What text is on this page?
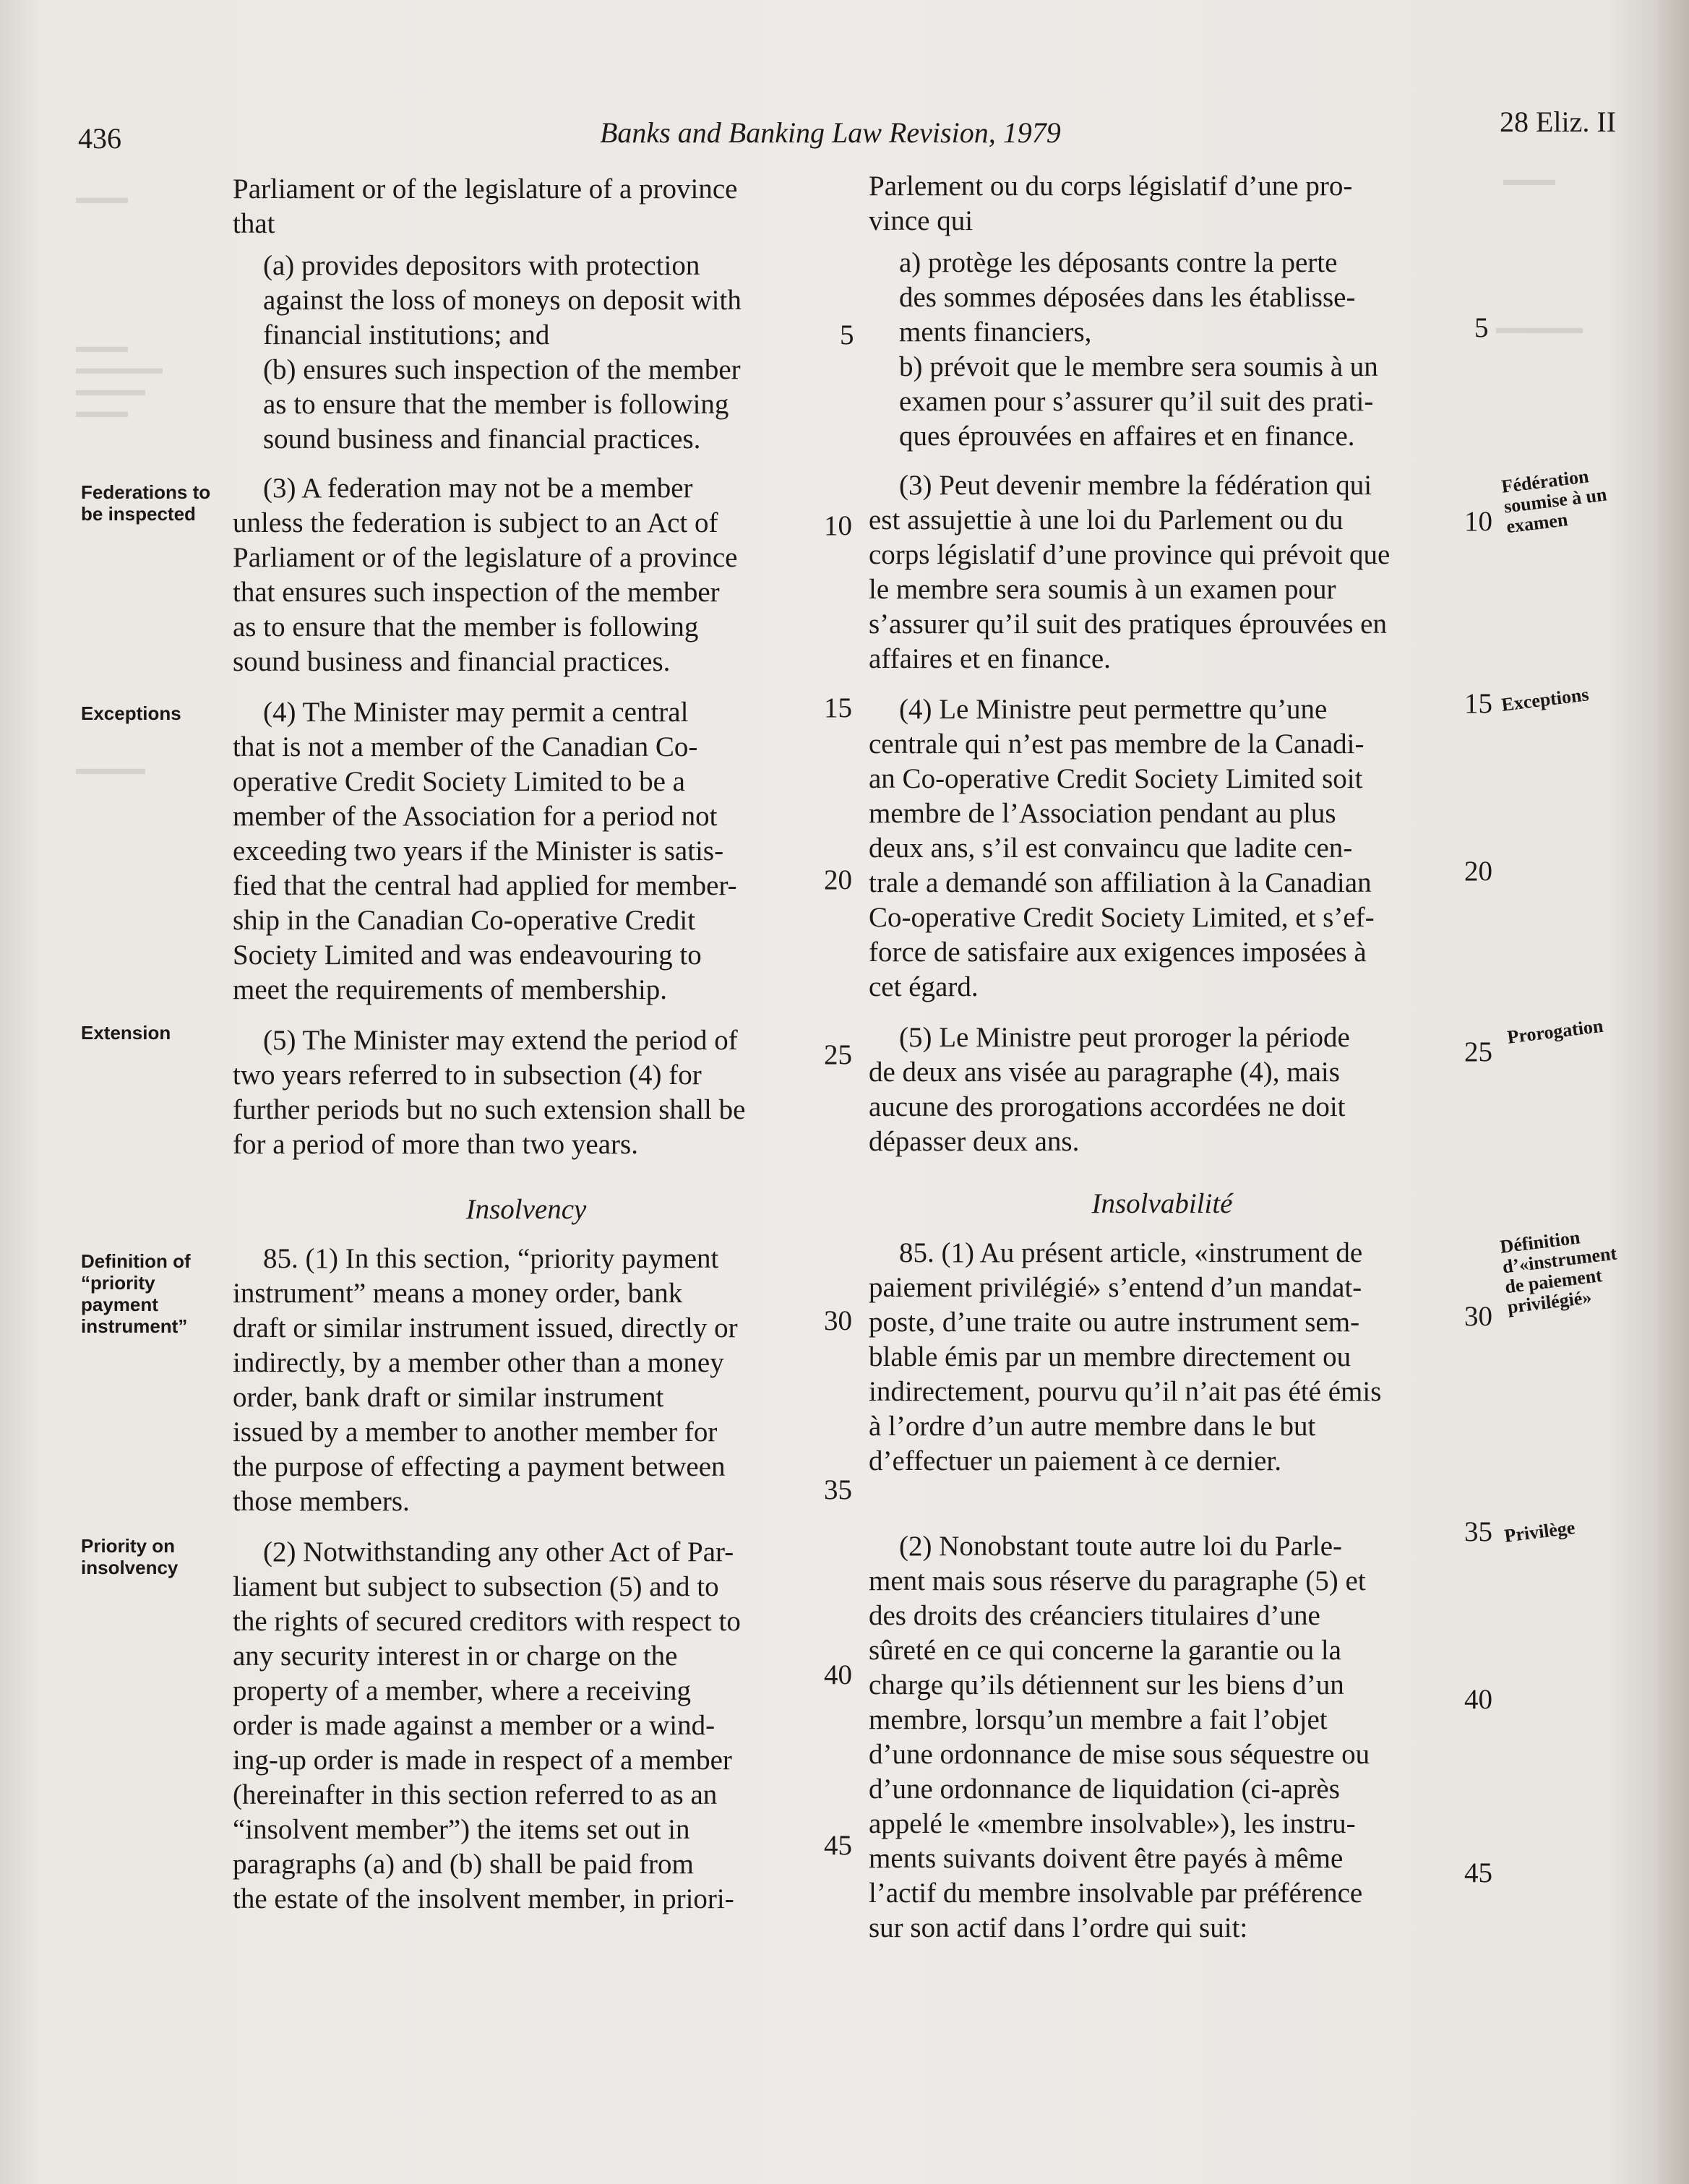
▬▬▬
▬▬▬
▬▬▬▬▬
▬▬▬▬
▬▬▬
▬▬▬▬
▬▬▬
▬▬▬▬▬
436	Banks and Banking Law Revision, 1979	28 Eliz. II
Parliament or of the legislature of a province
that
(a) provides depositors with protection
against the loss of moneys on deposit with
financial institutions; and
(b) ensures such inspection of the member
as to ensure that the member is following
sound business and financial practices.
(3) A federation may not be a member
unless the federation is subject to an Act of
Parliament or of the legislature of a province
that ensures such inspection of the member
as to ensure that the member is following
sound business and financial practices.
(4) The Minister may permit a central
that is not a member of the Canadian Co-
operative Credit Society Limited to be a
member of the Association for a period not
exceeding two years if the Minister is satis-
fied that the central had applied for member-
ship in the Canadian Co-operative Credit
Society Limited and was endeavouring to
meet the requirements of membership.
(5) The Minister may extend the period of
two years referred to in subsection (4) for
further periods but no such extension shall be
for a period of more than two years.
Insolvency
85. (1) In this section, “priority payment
instrument” means a money order, bank
draft or similar instrument issued, directly or
indirectly, by a member other than a money
order, bank draft or similar instrument
issued by a member to another member for
the purpose of effecting a payment between
those members.
(2) Notwithstanding any other Act of Par-
liament but subject to subsection (5) and to
the rights of secured creditors with respect to
any security interest in or charge on the
property of a member, where a receiving
order is made against a member or a wind-
ing-up order is made in respect of a member
(hereinafter in this section referred to as an
“insolvent member”) the items set out in
paragraphs (a) and (b) shall be paid from
the estate of the insolvent member, in priori-
Parlement ou du corps législatif d’une pro-
vince qui
a) protège les déposants contre la perte
des sommes déposées dans les établisse-
ments financiers,
b) prévoit que le membre sera soumis à un
examen pour s’assurer qu’il suit des prati-
ques éprouvées en affaires et en finance.
(3) Peut devenir membre la fédération qui
est assujettie à une loi du Parlement ou du
corps législatif d’une province qui prévoit que
le membre sera soumis à un examen pour
s’assurer qu’il suit des pratiques éprouvées en
affaires et en finance.
(4) Le Ministre peut permettre qu’une
centrale qui n’est pas membre de la Canadi-
an Co-operative Credit Society Limited soit
membre de l’Association pendant au plus
deux ans, s’il est convaincu que ladite cen-
trale a demandé son affiliation à la Canadian
Co-operative Credit Society Limited, et s’ef-
force de satisfaire aux exigences imposées à
cet égard.
(5) Le Ministre peut proroger la période
de deux ans visée au paragraphe (4), mais
aucune des prorogations accordées ne doit
dépasser deux ans.
Insolvabilité
85. (1) Au présent article, «instrument de
paiement privilégié» s’entend d’un mandat-
poste, d’une traite ou autre instrument sem-
blable émis par un membre directement ou
indirectement, pourvu qu’il n’ait pas été émis
à l’ordre d’un autre membre dans le but
d’effectuer un paiement à ce dernier.
(2) Nonobstant toute autre loi du Parle-
ment mais sous réserve du paragraphe (5) et
des droits des créanciers titulaires d’une
sûreté en ce qui concerne la garantie ou la
charge qu’ils détiennent sur les biens d’un
membre, lorsqu’un membre a fait l’objet
d’une ordonnance de mise sous séquestre ou
d’une ordonnance de liquidation (ci-après
appelé le «membre insolvable»), les instru-
ments suivants doivent être payés à même
l’actif du membre insolvable par préférence
sur son actif dans l’ordre qui suit:
5
10
15
20
25
30
35
40
45
5
10
15
20
25
30
35
40
45
Federations to be inspected
Exceptions
Extension
Definition of “priority payment instrument”
Priority on insolvency
Fédération soumise à un examen
Exceptions
Prorogation
Définition d’«instrument de paiement privilégié»
Privilège
